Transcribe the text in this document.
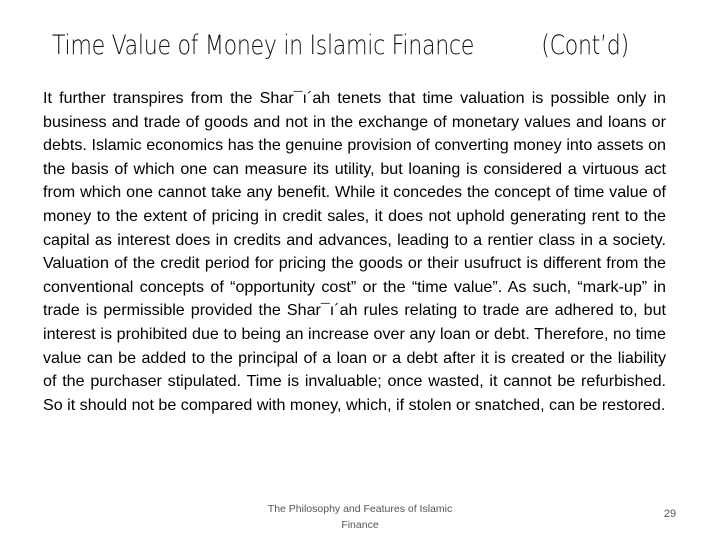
Time Value of Money in Islamic Finance (Cont’d)
It further transpires from the Shar¯ı´ah tenets that time valuation is possible only in business and trade of goods and not in the exchange of monetary values and loans or debts. Islamic economics has the genuine provision of converting money into assets on the basis of which one can measure its utility, but loaning is considered a virtuous act from which one cannot take any benefit. While it concedes the concept of time value of money to the extent of pricing in credit sales, it does not uphold generating rent to the capital as interest does in credits and advances, leading to a rentier class in a society. Valuation of the credit period for pricing the goods or their usufruct is different from the conventional concepts of “opportunity cost” or the “time value”. As such, “mark-up” in trade is permissible provided the Shar¯ı´ah rules relating to trade are adhered to, but interest is prohibited due to being an increase over any loan or debt. Therefore, no time value can be added to the principal of a loan or a debt after it is created or the liability of the purchaser stipulated. Time is invaluable; once wasted, it cannot be refurbished. So it should not be compared with money, which, if stolen or snatched, can be restored.
The Philosophy and Features of Islamic Finance
29
